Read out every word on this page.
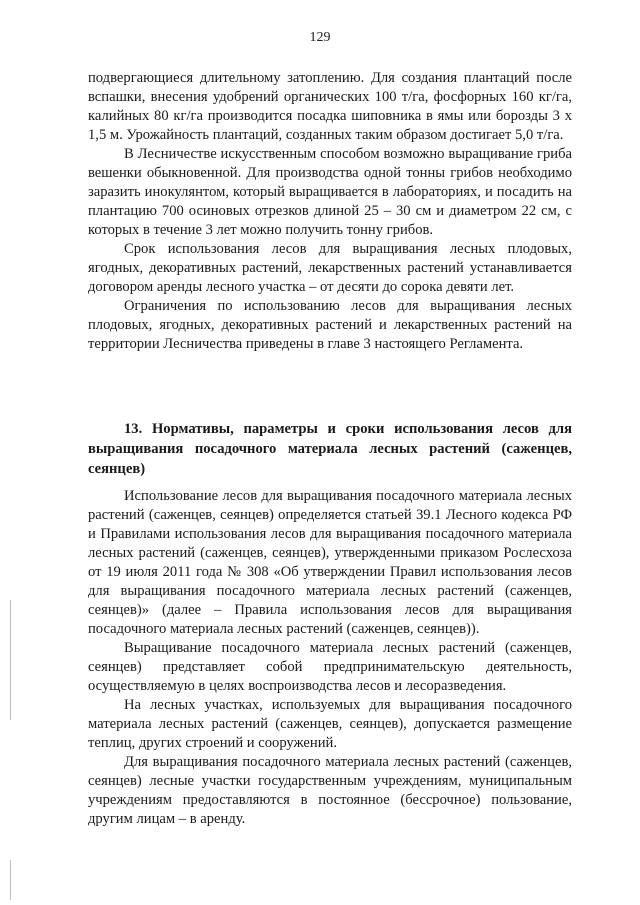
129

подвергающиеся длительному затоплению. Для создания плантаций после вспашки, внесения удобрений органических 100 т/га, фосфорных 160 кг/га, калийных 80 кг/га производится посадка шиповника в ямы или борозды 3 х 1,5 м. Урожайность плантаций, созданных таким образом достигает 5,0 т/га.

В Лесничестве искусственным способом возможно выращивание гриба вешенки обыкновенной. Для производства одной тонны грибов необходимо заразить инокулянтом, который выращивается в лабораториях, и посадить на плантацию 700 осиновых отрезков длиной 25 – 30 см и диаметром 22 см, с которых в течение 3 лет можно получить тонну грибов.

Срок использования лесов для выращивания лесных плодовых, ягодных, декоративных растений, лекарственных растений устанавливается договором аренды лесного участка – от десяти до сорока девяти лет.

Ограничения по использованию лесов для выращивания лесных плодовых, ягодных, декоративных растений и лекарственных растений на территории Лесничества приведены в главе 3 настоящего Регламента.

13. Нормативы, параметры и сроки использования лесов для выращивания посадочного материала лесных растений (саженцев, сеянцев)

Использование лесов для выращивания посадочного материала лесных растений (саженцев, сеянцев) определяется статьей 39.1 Лесного кодекса РФ и Правилами использования лесов для выращивания посадочного материала лесных растений (саженцев, сеянцев), утвержденными приказом Рослесхоза от 19 июля 2011 года № 308 «Об утверждении Правил использования лесов для выращивания посадочного материала лесных растений (саженцев, сеянцев)» (далее – Правила использования лесов для выращивания посадочного материала лесных растений (саженцев, сеянцев)).

Выращивание посадочного материала лесных растений (саженцев, сеянцев) представляет собой предпринимательскую деятельность, осуществляемую в целях воспроизводства лесов и лесоразведения.

На лесных участках, используемых для выращивания посадочного материала лесных растений (саженцев, сеянцев), допускается размещение теплиц, других строений и сооружений.

Для выращивания посадочного материала лесных растений (саженцев, сеянцев) лесные участки государственным учреждениям, муниципальным учреждениям предоставляются в постоянное (бессрочное) пользование, другим лицам – в аренду.
